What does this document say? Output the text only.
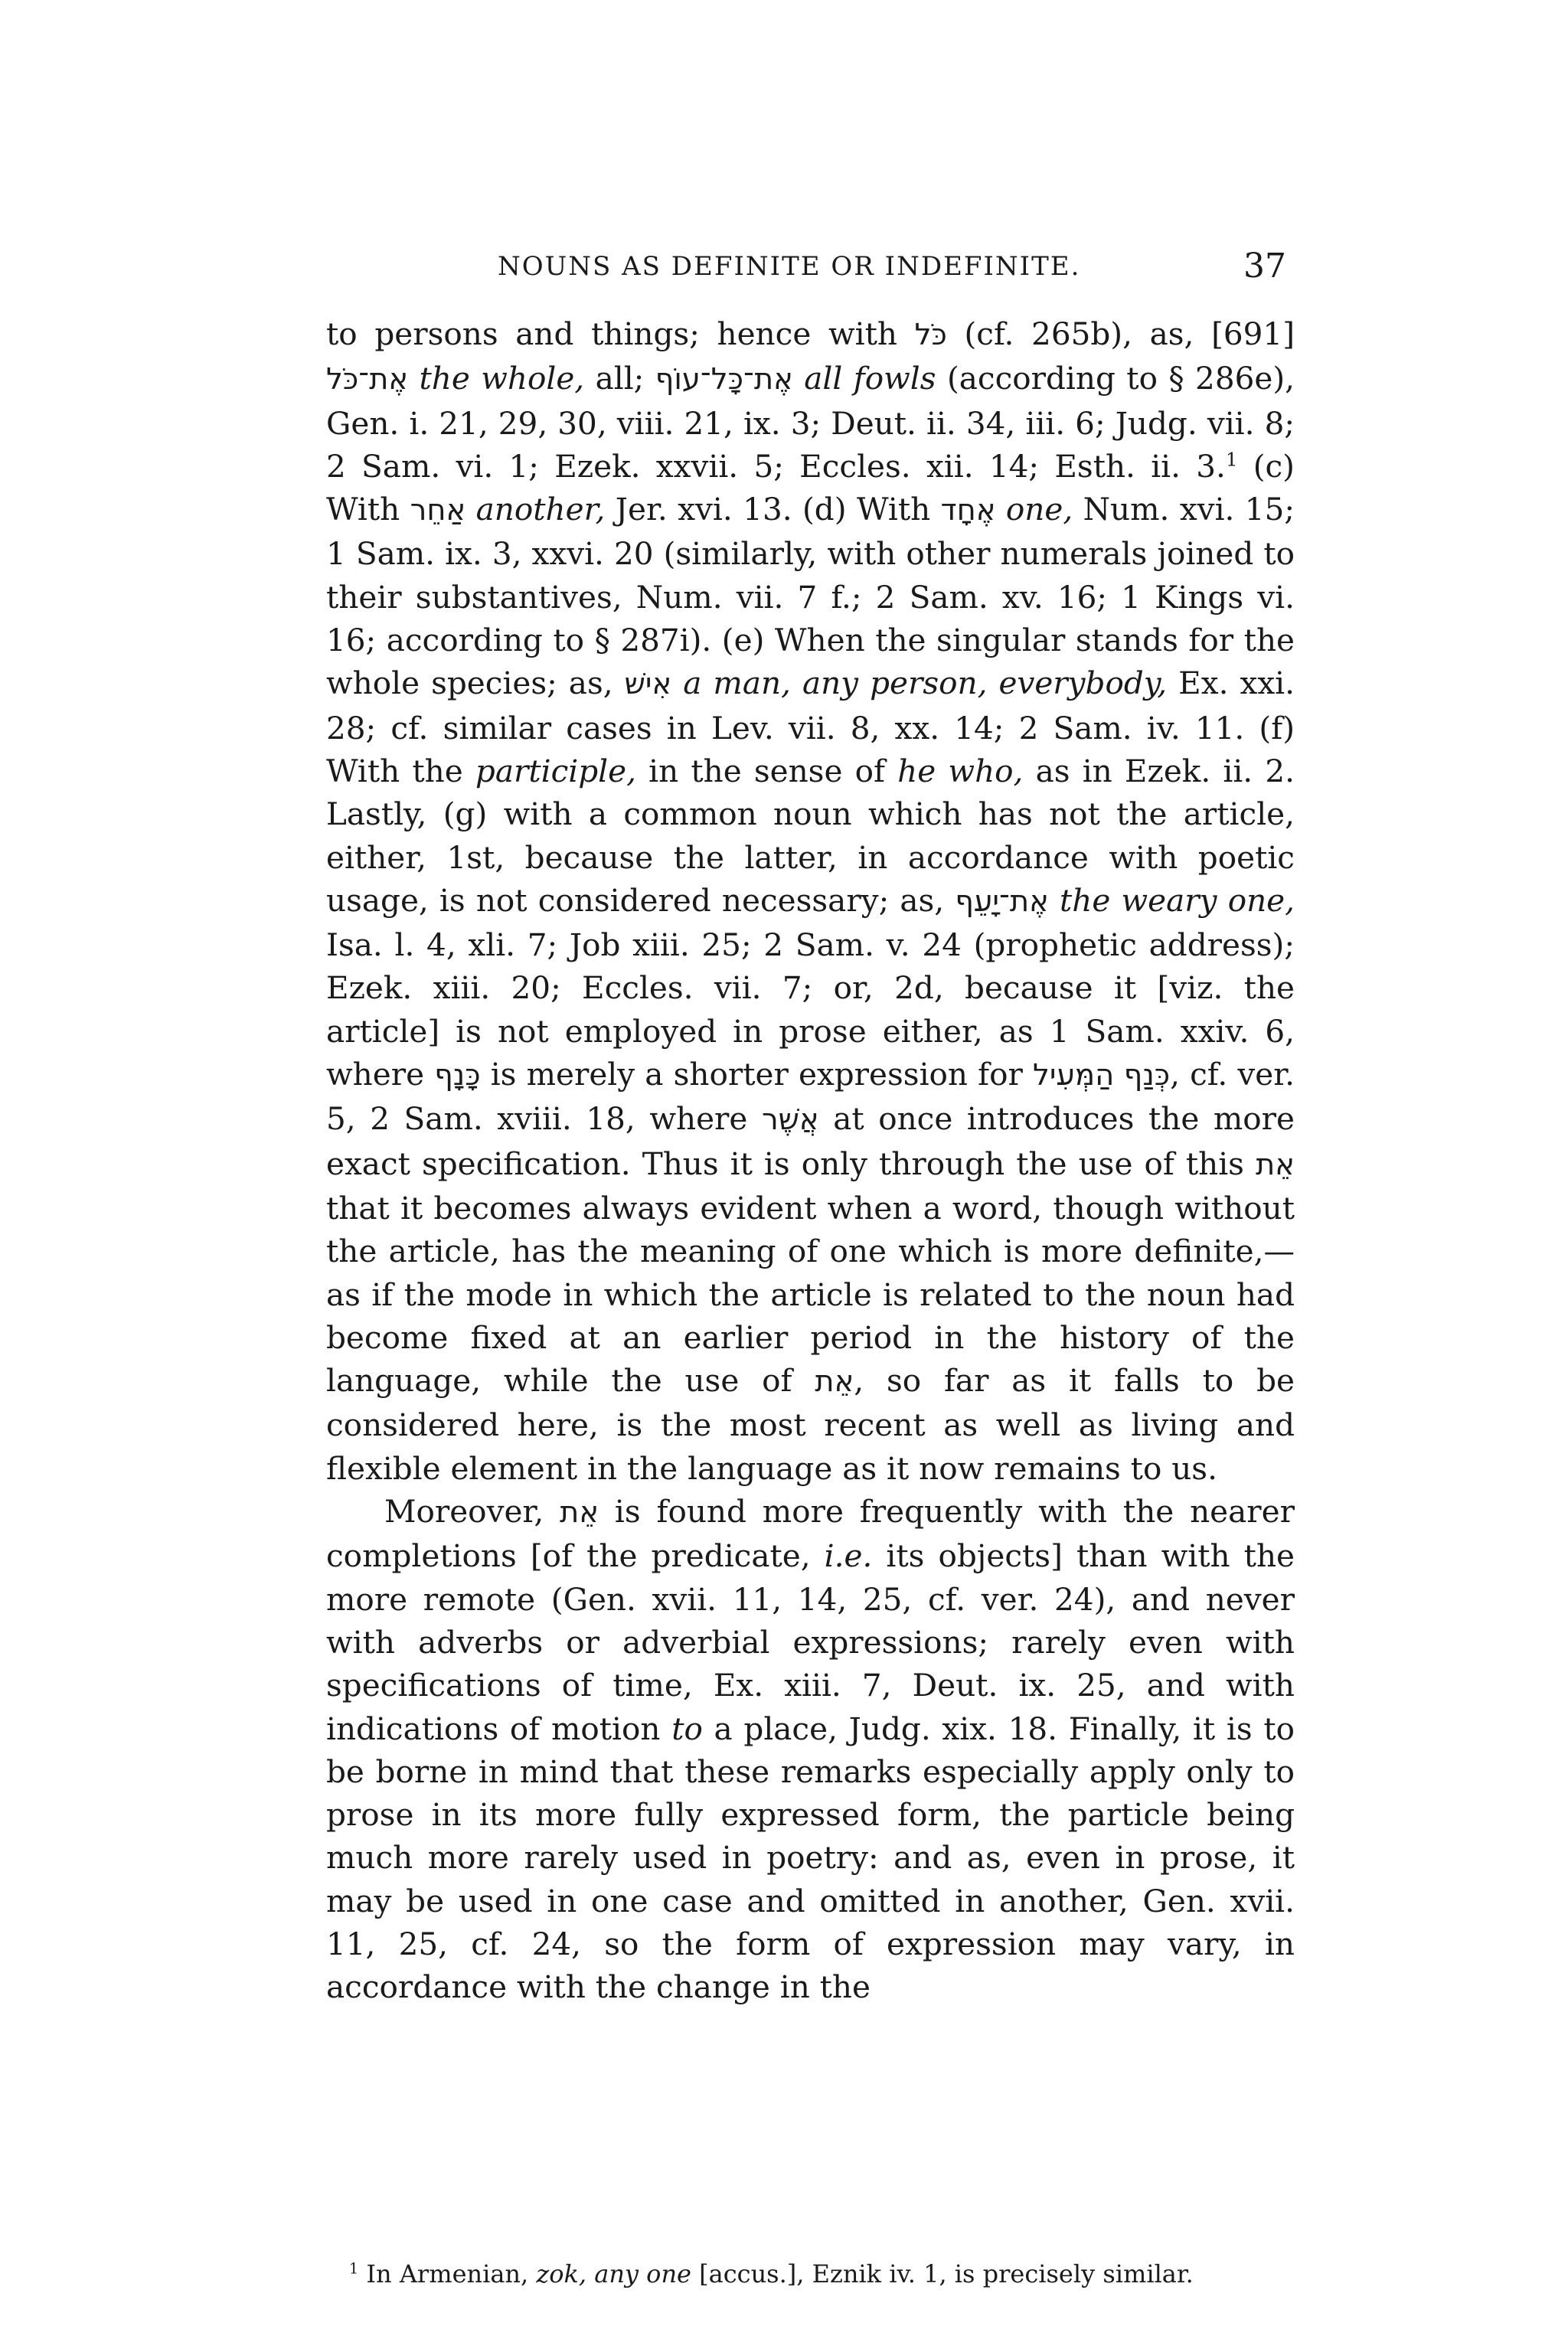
NOUNS AS DEFINITE OR INDEFINITE.	37

to persons and things; hence with כֹּל (cf. 265b), as, [691] אֶת־כֹּל the whole, all; אֶת־כָּל־עוֹף all fowls (according to § 286e), Gen. i. 21, 29, 30, viii. 21, ix. 3; Deut. ii. 34, iii. 6; Judg. vii. 8; 2 Sam. vi. 1; Ezek. xxvii. 5; Eccles. xii. 14; Esth. ii. 3.$^1$ (c) With אַחֵר another, Jer. xvi. 13. (d) With אֶחָד one, Num. xvi. 15; 1 Sam. ix. 3, xxvi. 20 (similarly, with other numerals joined to their substantives, Num. vii. 7 f.; 2 Sam. xv. 16; 1 Kings vi. 16; according to § 287i). (e) When the singular stands for the whole species; as, אִישׁ a man, any person, everybody, Ex. xxi. 28; cf. similar cases in Lev. vii. 8, xx. 14; 2 Sam. iv. 11. (f) With the participle, in the sense of he who, as in Ezek. ii. 2. Lastly, (g) with a common noun which has not the article, either, 1st, because the latter, in accordance with poetic usage, is not considered necessary; as, אֶת־יָעֵף the weary one, Isa. l. 4, xli. 7; Job xiii. 25; 2 Sam. v. 24 (prophetic address); Ezek. xiii. 20; Eccles. vii. 7; or, 2d, because it [viz. the article] is not employed in prose either, as 1 Sam. xxiv. 6, where כָּנָף is merely a shorter expression for כְּנַף הַמְּעִיל, cf. ver. 5, 2 Sam. xviii. 18, where אֲשֶׁר at once introduces the more exact specification. Thus it is only through the use of this אֵת that it becomes always evident when a word, though without the article, has the meaning of one which is more definite,—as if the mode in which the article is related to the noun had become fixed at an earlier period in the history of the language, while the use of אֵת, so far as it falls to be considered here, is the most recent as well as living and flexible element in the language as it now remains to us.

Moreover, אֵת is found more frequently with the nearer completions [of the predicate, i.e. its objects] than with the more remote (Gen. xvii. 11, 14, 25, cf. ver. 24), and never with adverbs or adverbial expressions; rarely even with specifications of time, Ex. xiii. 7, Deut. ix. 25, and with indications of motion to a place, Judg. xix. 18. Finally, it is to be borne in mind that these remarks especially apply only to prose in its more fully expressed form, the particle being much more rarely used in poetry: and as, even in prose, it may be used in one case and omitted in another, Gen. xvii. 11, 25, cf. 24, so the form of expression may vary, in accordance with the change in the

$^1$ In Armenian, zok, any one [accus.], Eznik iv. 1, is precisely similar.
